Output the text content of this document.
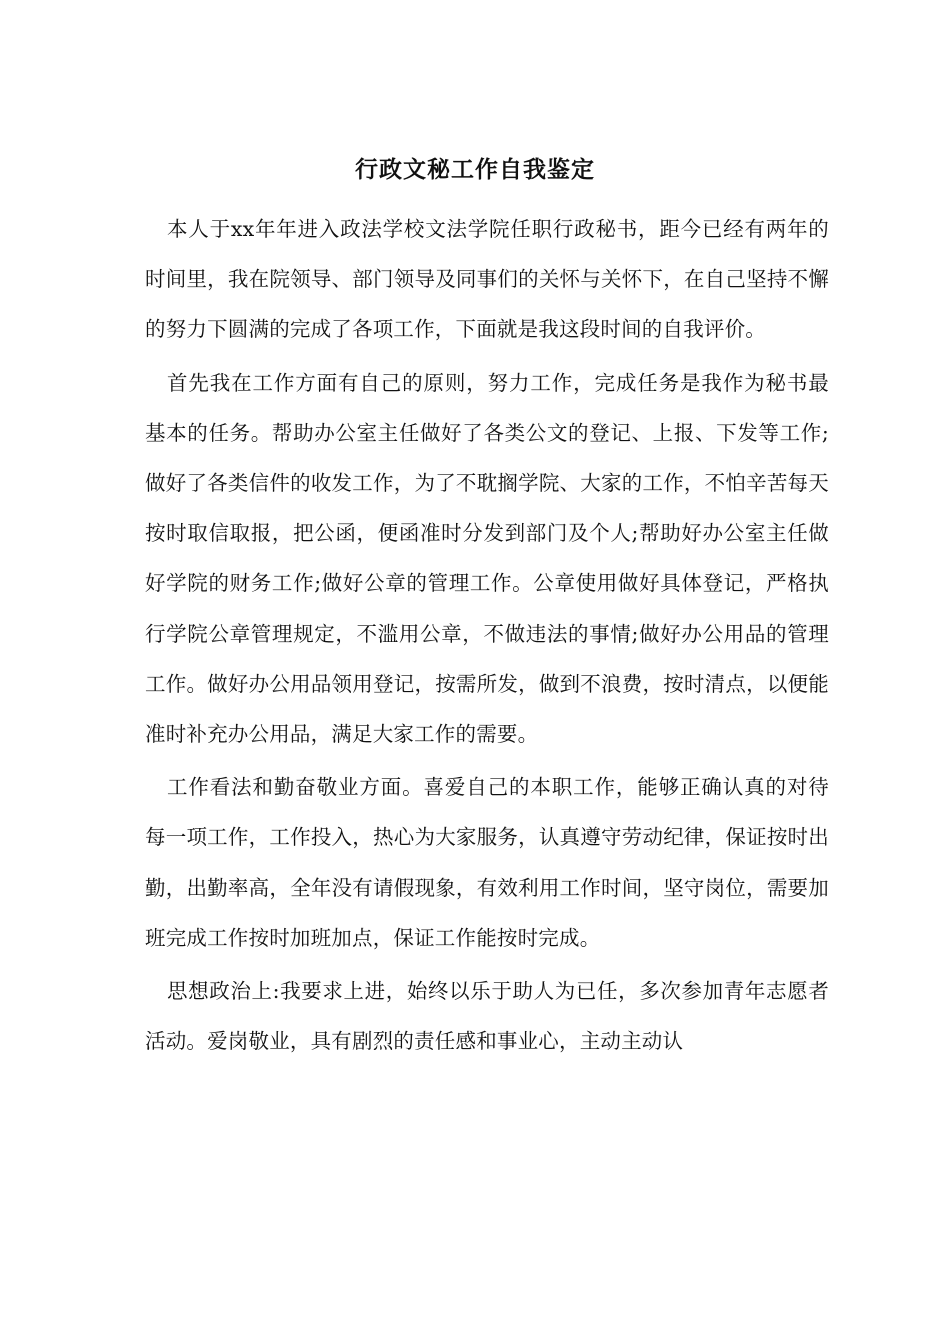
行政文秘工作自我鉴定

本人于xx年年进入政法学校文法学院任职行政秘书，距今已经有两年的时间里，我在院领导、部门领导及同事们的关怀与关怀下，在自己坚持不懈的努力下圆满的完成了各项工作，下面就是我这段时间的自我评价。

首先我在工作方面有自己的原则，努力工作，完成任务是我作为秘书最基本的任务。帮助办公室主任做好了各类公文的登记、上报、下发等工作;做好了各类信件的收发工作，为了不耽搁学院、大家的工作，不怕辛苦每天按时取信取报，把公函，便函准时分发到部门及个人;帮助好办公室主任做好学院的财务工作;做好公章的管理工作。公章使用做好具体登记，严格执行学院公章管理规定，不滥用公章，不做违法的事情;做好办公用品的管理工作。做好办公用品领用登记，按需所发，做到不浪费，按时清点，以便能准时补充办公用品，满足大家工作的需要。

工作看法和勤奋敬业方面。喜爱自己的本职工作，能够正确认真的对待每一项工作，工作投入，热心为大家服务，认真遵守劳动纪律，保证按时出勤，出勤率高，全年没有请假现象，有效利用工作时间，坚守岗位，需要加班完成工作按时加班加点，保证工作能按时完成。

思想政治上:我要求上进，始终以乐于助人为已任，多次参加青年志愿者活动。爱岗敬业，具有剧烈的责任感和事业心，主动主动认
